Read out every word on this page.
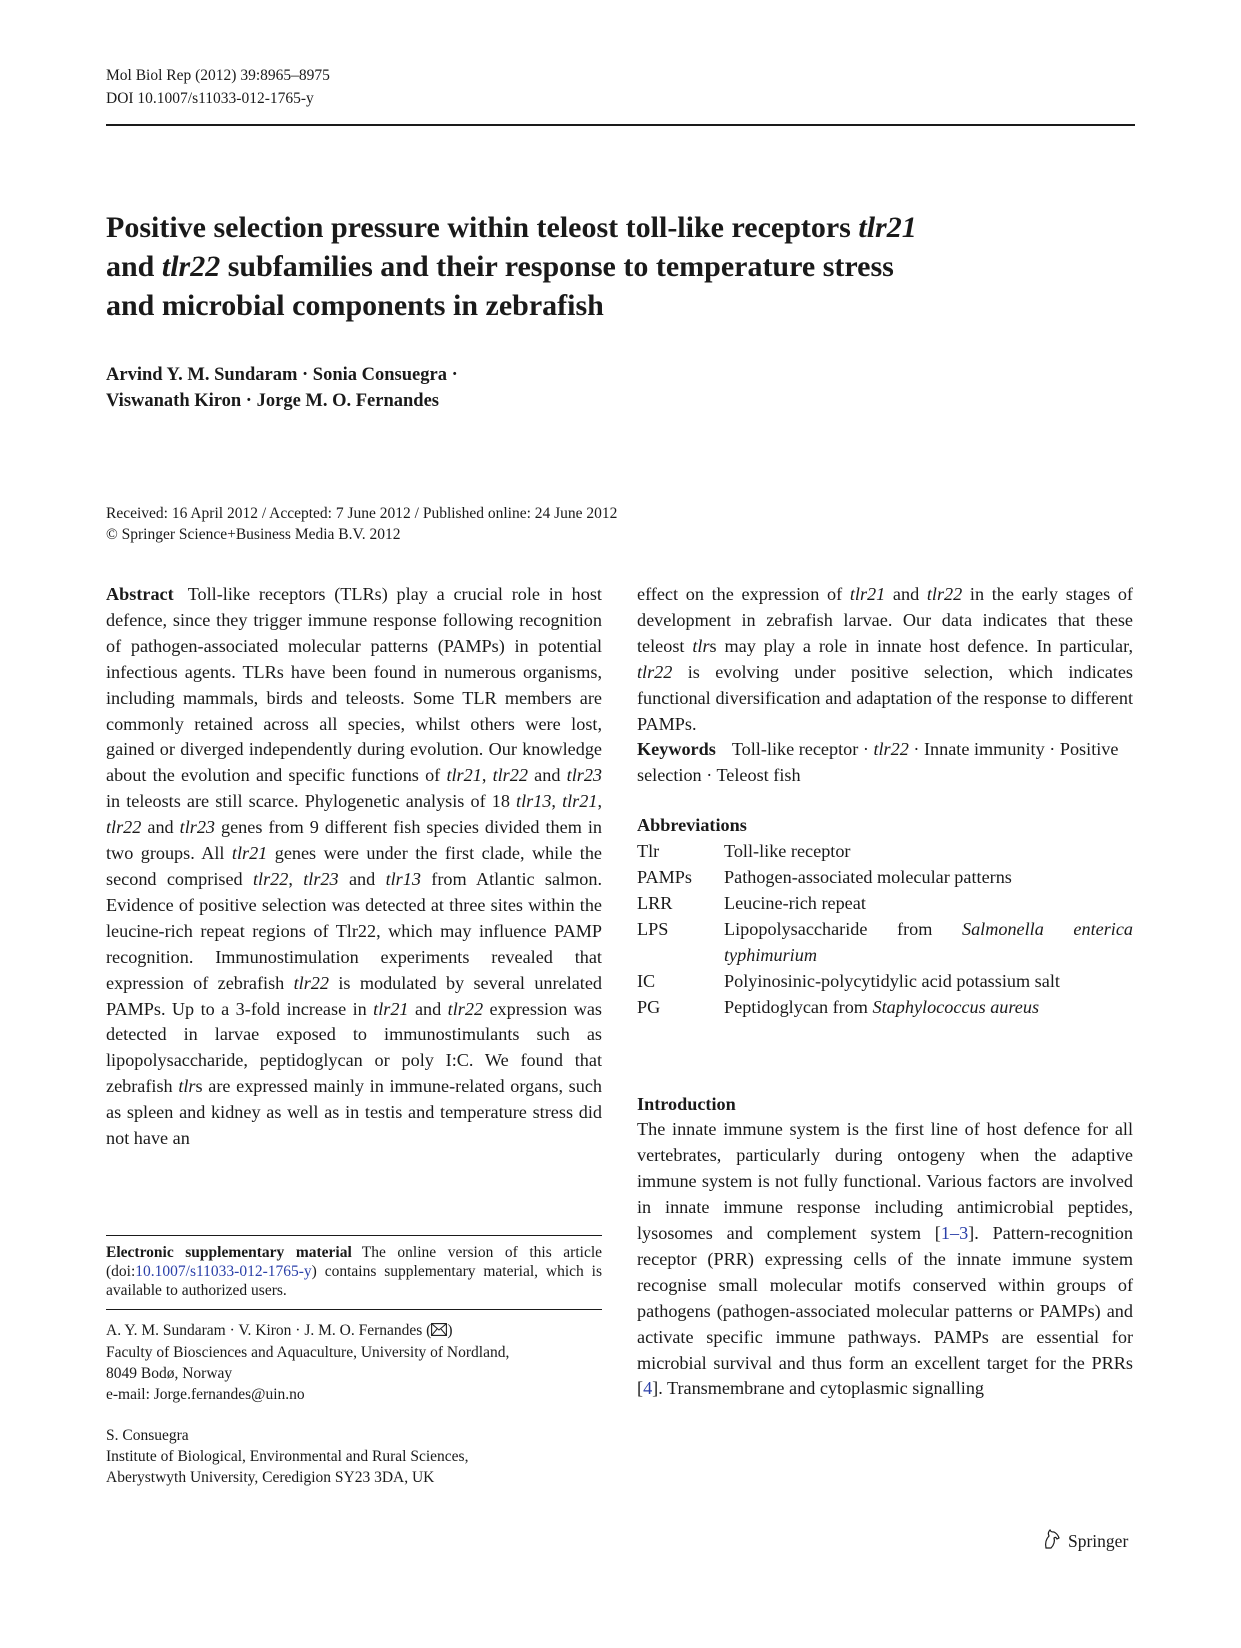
Mol Biol Rep (2012) 39:8965–8975
DOI 10.1007/s11033-012-1765-y
Positive selection pressure within teleost toll-like receptors tlr21
and tlr22 subfamilies and their response to temperature stress
and microbial components in zebrafish
Arvind Y. M. Sundaram · Sonia Consuegra ·
Viswanath Kiron · Jorge M. O. Fernandes
Received: 16 April 2012 / Accepted: 7 June 2012 / Published online: 24 June 2012
© Springer Science+Business Media B.V. 2012

Abstract Toll-like receptors (TLRs) play a crucial role in host defence, since they trigger immune response following recognition of pathogen-associated molecular patterns (PAMPs) in potential infectious agents. TLRs have been found in numerous organisms, including mammals, birds and teleosts. Some TLR members are commonly retained across all species, whilst others were lost, gained or diverged independently during evolution. Our knowledge about the evolution and specific functions of tlr21, tlr22 and tlr23 in teleosts are still scarce. Phylogenetic analysis of 18 tlr13, tlr21, tlr22 and tlr23 genes from 9 different fish species divided them in two groups. All tlr21 genes were under the first clade, while the second comprised tlr22, tlr23 and tlr13 from Atlantic salmon. Evidence of positive selection was detected at three sites within the leucine-rich repeat regions of Tlr22, which may influence PAMP recognition. Immunostimulation experiments revealed that expression of zebrafish tlr22 is modulated by several unrelated PAMPs. Up to a 3-fold increase in tlr21 and tlr22 expression was detected in larvae exposed to immunostimulants such as lipopolysaccharide, peptidoglycan or poly I:C. We found that zebrafish tlrs are expressed mainly in immune-related organs, such as spleen and kidney as well as in testis and temperature stress did not have an

effect on the expression of tlr21 and tlr22 in the early stages of development in zebrafish larvae. Our data indicates that these teleost tlrs may play a role in innate host defence. In particular, tlr22 is evolving under positive selection, which indicates functional diversification and adaptation of the response to different PAMPs.

Keywords Toll-like receptor · tlr22 · Innate immunity · Positive selection · Teleost fish

Abbreviations
Tlr	Toll-like receptor
PAMPs	Pathogen-associated molecular patterns
LRR	Leucine-rich repeat
LPS	Lipopolysaccharide from Salmonella enterica typhimurium
IC	Polyinosinic-polycytidylic acid potassium salt
PG	Peptidoglycan from Staphylococcus aureus
Introduction

The innate immune system is the first line of host defence for all vertebrates, particularly during ontogeny when the adaptive immune system is not fully functional. Various factors are involved in innate immune response including antimicrobial peptides, lysosomes and complement system [1–3]. Pattern-recognition receptor (PRR) expressing cells of the innate immune system recognise small molecular motifs conserved within groups of pathogens (pathogen-associated molecular patterns or PAMPs) and activate specific immune pathways. PAMPs are essential for microbial survival and thus form an excellent target for the PRRs [4]. Transmembrane and cytoplasmic signalling

Electronic supplementary material The online version of this article (doi:10.1007/s11033-012-1765-y) contains supplementary material, which is available to authorized users.
A. Y. M. Sundaram · V. Kiron · J. M. O. Fernandes ( )
Faculty of Biosciences and Aquaculture, University of Nordland,
8049 Bodø, Norway
e-mail: Jorge.fernandes@uin.no
S. Consuegra
Institute of Biological, Environmental and Rural Sciences,
Aberystwyth University, Ceredigion SY23 3DA, UK
Springer
